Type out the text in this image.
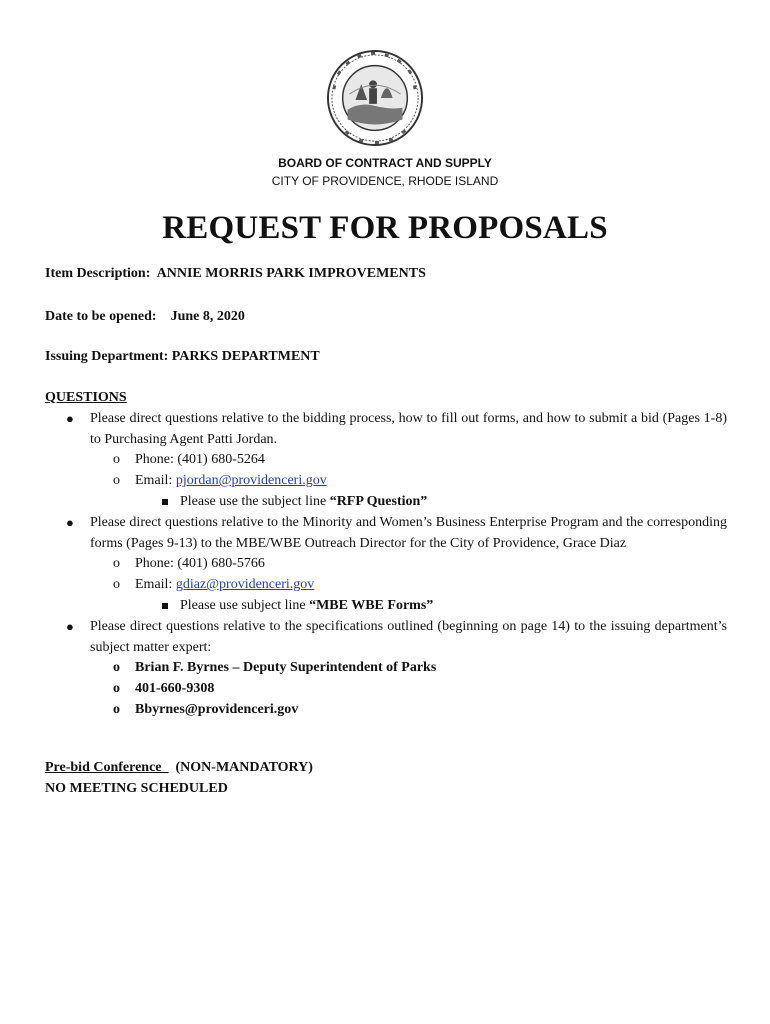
BOARD OF CONTRACT AND SUPPLY
CITY OF PROVIDENCE, RHODE ISLAND
REQUEST FOR PROPOSALS
Item Description: ANNIE MORRIS PARK IMPROVEMENTS
Date to be opened: June 8, 2020
Issuing Department: PARKS DEPARTMENT
QUESTIONS
● Please direct questions relative to the bidding process, how to fill out forms, and how to submit a bid (Pages 1-8) to Purchasing Agent Patti Jordan.
o Phone: (401) 680-5264
o Email: pjordan@providenceri.gov
Please use the subject line “RFP Question”
● Please direct questions relative to the Minority and Women’s Business Enterprise Program and the corresponding forms (Pages 9-13) to the MBE/WBE Outreach Director for the City of Providence, Grace Diaz
o Phone: (401) 680-5766
o Email: gdiaz@providenceri.gov
Please use subject line “MBE WBE Forms”
● Please direct questions relative to the specifications outlined (beginning on page 14) to the issuing department’s subject matter expert:
o Brian F. Byrnes – Deputy Superintendent of Parks
o 401-660-9308
o Bbyrnes@providenceri.gov
Pre-bid Conference (NON-MANDATORY)
NO MEETING SCHEDULED
